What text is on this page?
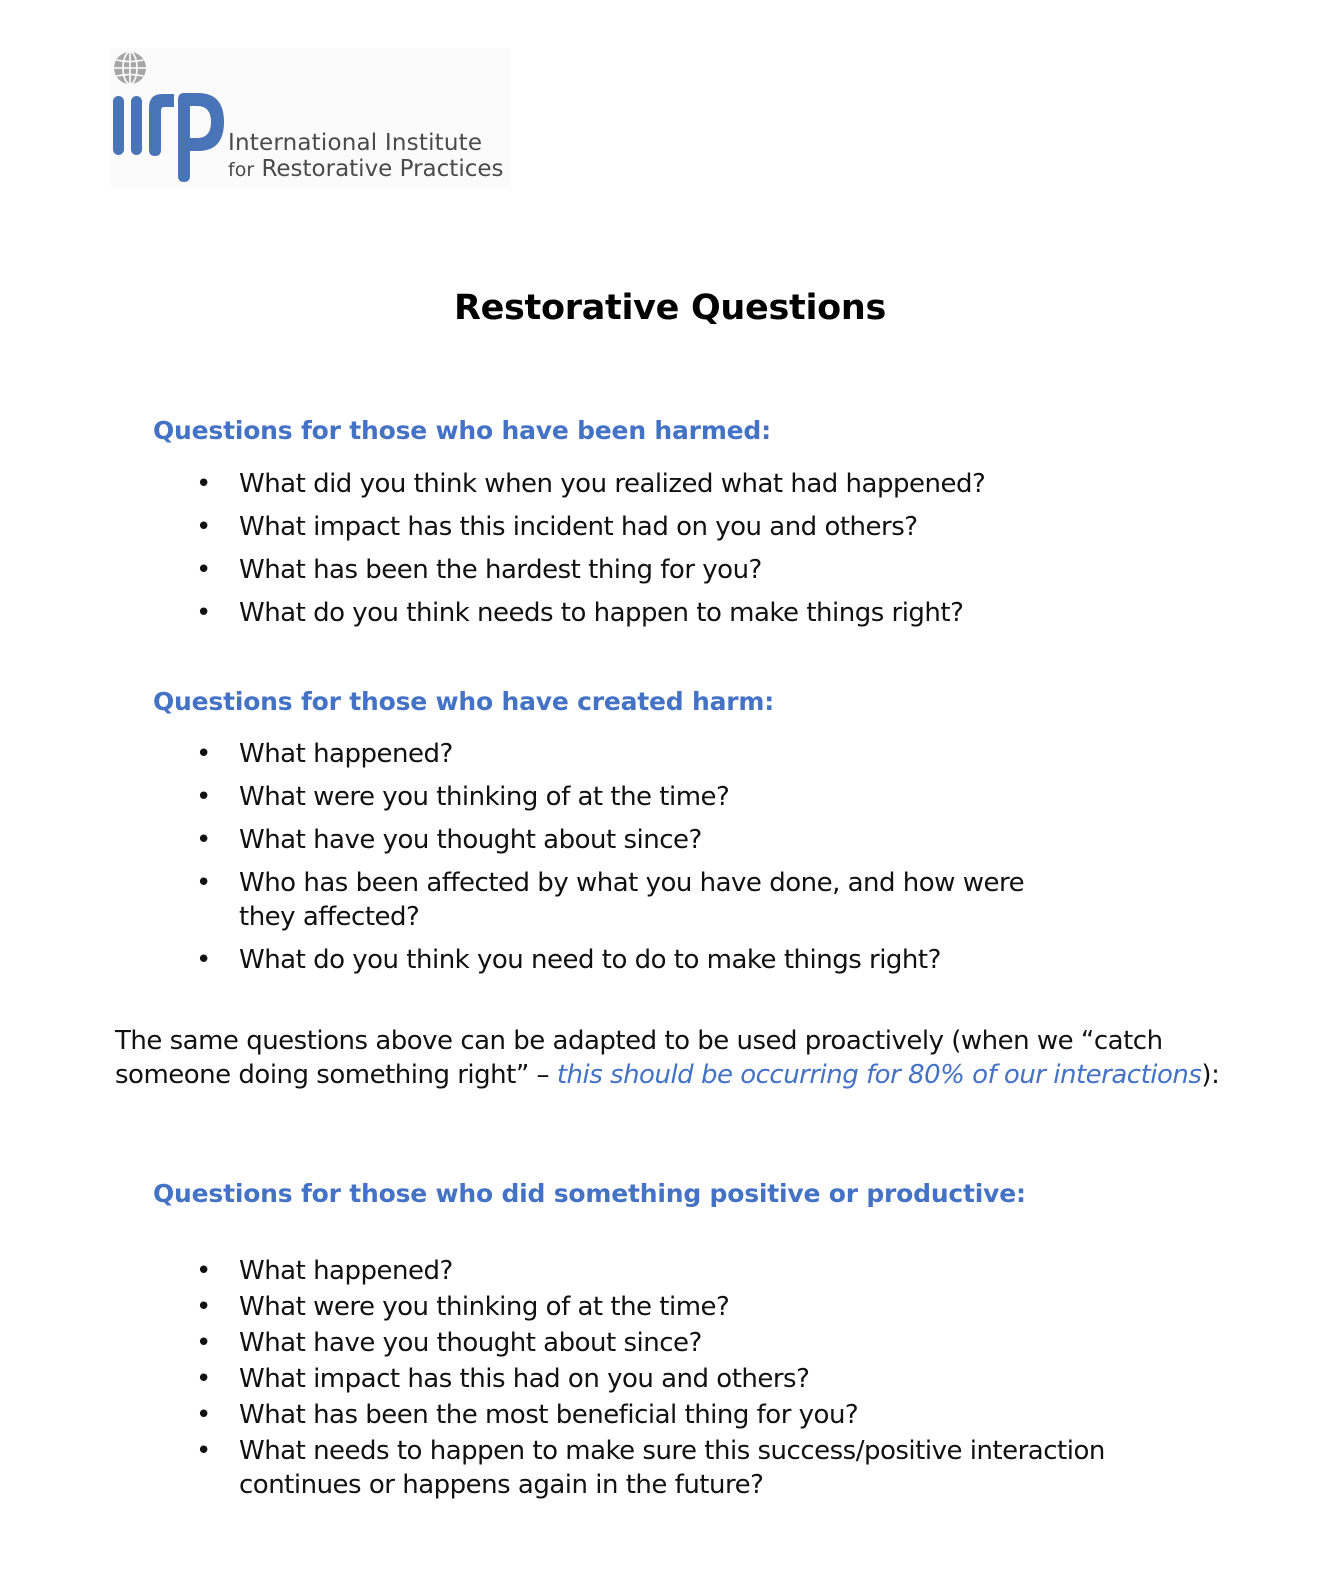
International Institute
for Restorative Practices
Restorative Questions
Questions for those who have been harmed:
• What did you think when you realized what had happened?
• What impact has this incident had on you and others?
• What has been the hardest thing for you?
• What do you think needs to happen to make things right?
Questions for those who have created harm:
• What happened?
• What were you thinking of at the time?
• What have you thought about since?
• Who has been affected by what you have done, and how were they affected?
• What do you think you need to do to make things right?

The same questions above can be adapted to be used proactively (when we “catch someone doing something right” – this should be occurring for 80% of our interactions):

Questions for those who did something positive or productive:
• What happened?
• What were you thinking of at the time?
• What have you thought about since?
• What impact has this had on you and others?
• What has been the most beneficial thing for you?
• What needs to happen to make sure this success/positive interaction continues or happens again in the future?
